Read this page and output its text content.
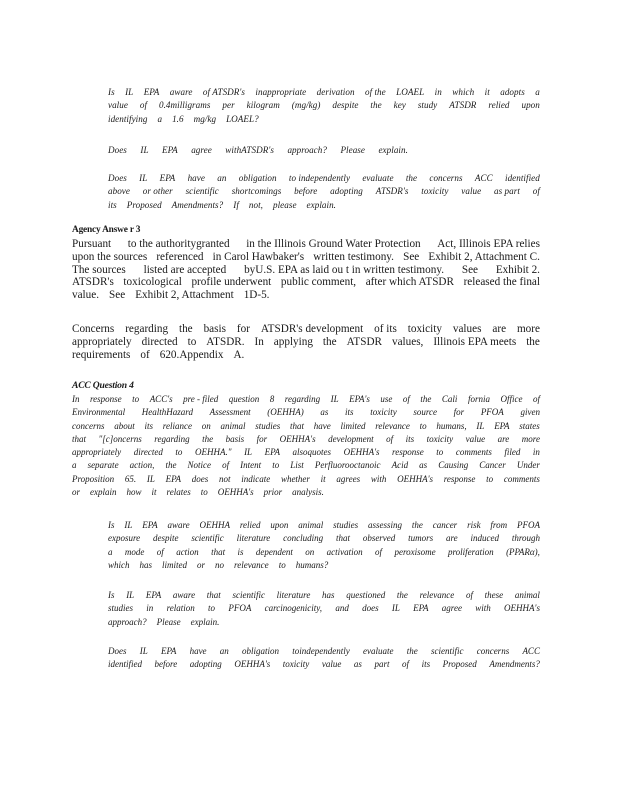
Is IL EPA aware of ATSDR's inappropriate derivation of the LOAEL in which it adopts a
value of 0.4milligrams per kilogram (mg/kg) despite the key study ATSDR relied upon
identifying a 1.6 mg/kg LOAEL?
Does IL EPA agree withATSDR's approach? Please explain.
Does IL EPA have an obligation to independently evaluate the concerns ACC identified
above or other scientific shortcomings before adopting ATSDR's toxicity value as part of
its Proposed Amendments? If not, please explain.
Agency Answe r 3
Pursuant to the authoritygranted in the Illinois Ground Water Protection Act, Illinois EPA relies
upon the sources referenced in Carol Hawbaker's written testimony. See Exhibit 2, Attachment C.
The sources listed are accepted byU.S. EPA as laid ou t in written testimony. See Exhibit 2.
ATSDR's toxicological profile underwent public comment, after which ATSDR released the final
value. See Exhibit 2, Attachment 1D-5.
Concerns regarding the basis for ATSDR's development of its toxicity values are more
appropriately directed to ATSDR. In applying the ATSDR values, Illinois EPA meets the
requirements of 620.Appendix A.
ACC Question 4
In response to ACC's pre - filed question 8 regarding IL EPA's use of the Cali fornia Office of
Environmental HealthHazard Assessment (OEHHA) as its toxicity source for PFOA given
concerns about its reliance on animal studies that have limited relevance to humans, IL EPA states
that "[c]oncerns regarding the basis for OEHHA's development of its toxicity value are more
appropriately directed to OEHHA." IL EPA alsoquotes OEHHA's response to comments filed in
a separate action, the Notice of Intent to List Perfluorooctanoic Acid as Causing Cancer Under
Proposition 65. IL EPA does not indicate whether it agrees with OEHHA's response to comments
or explain how it relates to OEHHA's prior analysis.
Is IL EPA aware OEHHA relied upon animal studies assessing the cancer risk from PFOA
exposure despite scientific literature concluding that observed tumors are induced through
a mode of action that is dependent on activation of peroxisome proliferation (PPARα),
which has limited or no relevance to humans?
Is IL EPA aware that scientific literature has questioned the relevance of these animal
studies in relation to PFOA carcinogenicity, and does IL EPA agree with OEHHA's
approach? Please explain.
Does IL EPA have an obligation toindependently evaluate the scientific concerns ACC
identified before adopting OEHHA's toxicity value as part of its Proposed Amendments?
